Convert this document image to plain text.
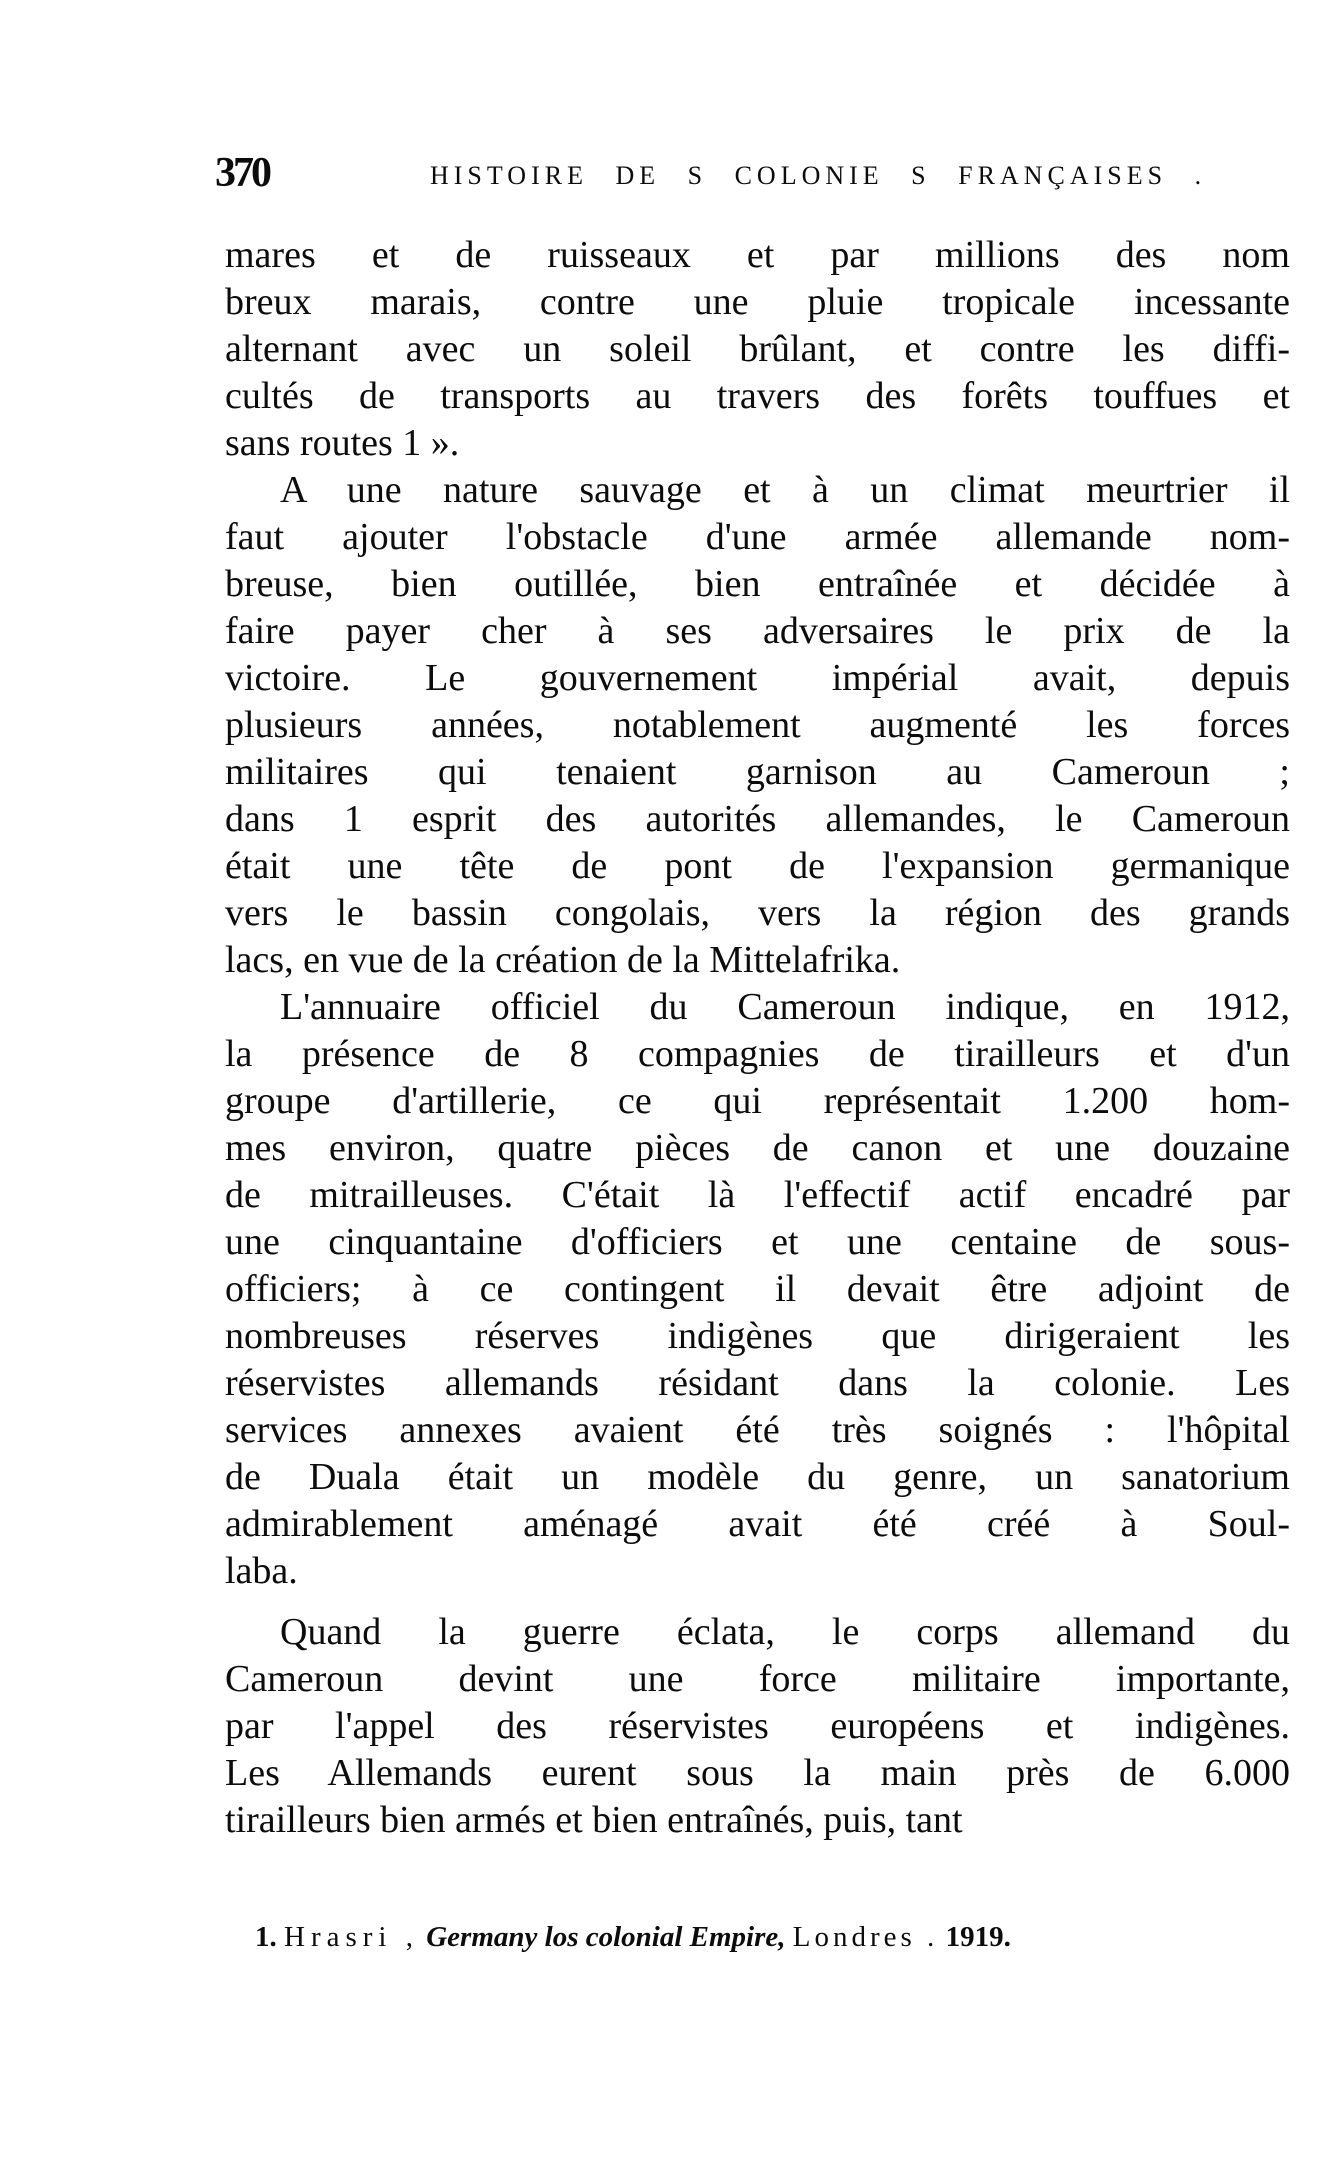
370	HISTOIRE DE S COLONIE S FRANÇAISES .
mares et de ruisseaux et par millions des nom
breux marais, contre une pluie tropicale incessante
alternant avec un soleil brûlant, et contre les diffi-
cultés de transports au travers des forêts touffues et
sans routes 1 ».
A une nature sauvage et à un climat meurtrier il
faut ajouter l'obstacle d'une armée allemande nom-
breuse, bien outillée, bien entraînée et décidée à
faire payer cher à ses adversaires le prix de la
victoire. Le gouvernement impérial avait, depuis
plusieurs années, notablement augmenté les forces
militaires qui tenaient garnison au Cameroun ;
dans 1 esprit des autorités allemandes, le Cameroun
était une tête de pont de l'expansion germanique
vers le bassin congolais, vers la région des grands
lacs, en vue de la création de la Mittelafrika.
L'annuaire officiel du Cameroun indique, en 1912,
la présence de 8 compagnies de tirailleurs et d'un
groupe d'artillerie, ce qui représentait 1.200 hom-
mes environ, quatre pièces de canon et une douzaine
de mitrailleuses. C'était là l'effectif actif encadré par
une cinquantaine d'officiers et une centaine de sous-
officiers; à ce contingent il devait être adjoint de
nombreuses réserves indigènes que dirigeraient les
réservistes allemands résidant dans la colonie. Les
services annexes avaient été très soignés : l'hôpital
de Duala était un modèle du genre, un sanatorium
admirablement aménagé avait été créé à Soul-
laba.
Quand la guerre éclata, le corps allemand du
Cameroun devint une force militaire importante,
par l'appel des réservistes européens et indigènes.
Les Allemands eurent sous la main près de 6.000
tirailleurs bien armés et bien entraînés, puis, tant
1. Hrasri , Germany los colonial Empire, Londres . 1919.
